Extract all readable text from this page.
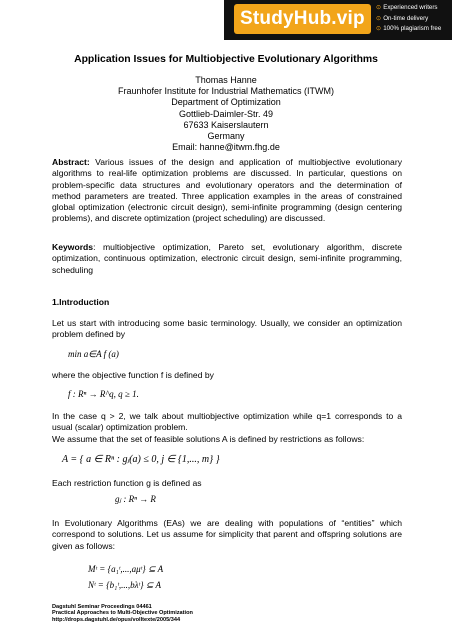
StudyHub.vip
⊙ Experienced writers
⊙ On-time delivery
⊙ 100% plagiarism free
Application Issues for Multiobjective Evolutionary Algorithms
Thomas Hanne
Fraunhofer Institute for Industrial Mathematics (ITWM)
Department of Optimization
Gottlieb-Daimler-Str. 49
67633 Kaiserslautern
Germany
Email: hanne@itwm.fhg.de
Abstract: Various issues of the design and application of multiobjective evolutionary algorithms to real-life optimization problems are discussed. In particular, questions on problem-specific data structures and evolutionary operators and the determination of method parameters are treated. Three application examples in the areas of constrained global optimization (electronic circuit design), semi-infinite programming (design centering problems), and discrete optimization (project scheduling) are discussed.
Keywords: multiobjective optimization, Pareto set, evolutionary algorithm, discrete optimization, continuous optimization, electronic circuit design, semi-infinite programming, scheduling
1.Introduction
Let us start with introducing some basic terminology. Usually, we consider an optimization problem defined by
min a∈A f (a)
where the objective function f is defined by
f : Rⁿ → R^q, q ≥ 1.
In the case q > 2, we talk about multiobjective optimization while q=1 corresponds to a usual (scalar) optimization problem.
We assume that the set of feasible solutions A is defined by restrictions as follows:
A = { a ∈ Rⁿ : gⱼ(a) ≤ 0, j ∈ {1,..., m} }
Each restriction function g is defined as
gⱼ : Rⁿ → R
In Evolutionary Algorithms (EAs) we are dealing with populations of “entities” which correspond to solutions. Let us assume for simplicity that parent and offspring solutions are given as follows:
Mᵗ = {a₁ᵗ,...,aμᵗ} ⊆ A
Nᵗ = {b₁ᵗ,...,bλᵗ} ⊆ A
Dagstuhl Seminar Proceedings 04461
Practical Approaches to Multi-Objective Optimization
http://drops.dagstuhl.de/opus/volltexte/2005/344
